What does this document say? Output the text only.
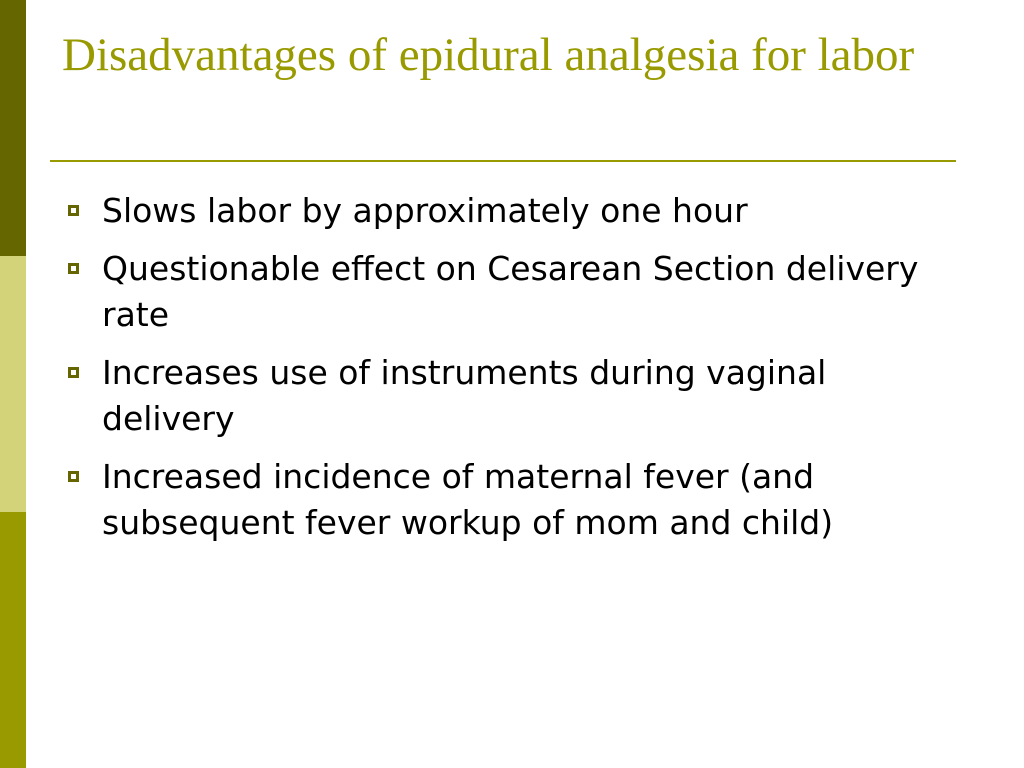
Disadvantages of epidural analgesia for labor
Slows labor by approximately one hour
Questionable effect on Cesarean Section delivery rate
Increases use of instruments during vaginal delivery
Increased incidence of maternal fever (and subsequent fever workup of mom and child)
